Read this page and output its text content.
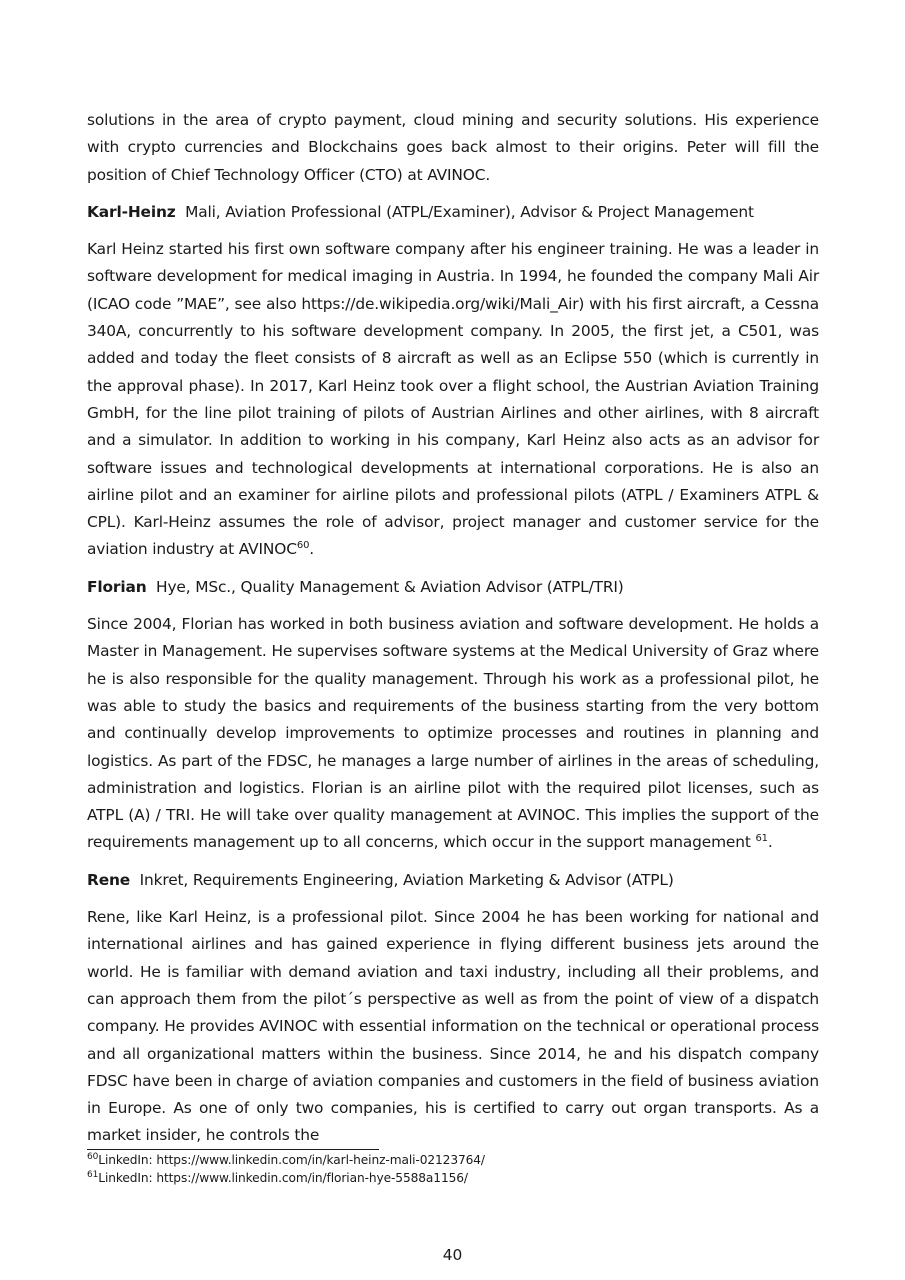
solutions in the area of crypto payment, cloud mining and security solutions. His experience with crypto currencies and Blockchains goes back almost to their origins. Peter will fill the position of Chief Technology Officer (CTO) at AVINOC.

Karl-Heinz Mali, Aviation Professional (ATPL/Examiner), Advisor & Project Management

Karl Heinz started his first own software company after his engineer training. He was a leader in software development for medical imaging in Austria. In 1994, he founded the company Mali Air (ICAO code ”MAE”, see also https://de.wikipedia.org/wiki/Mali_Air) with his first aircraft, a Cessna 340A, concurrently to his software development company. In 2005, the first jet, a C501, was added and today the fleet consists of 8 aircraft as well as an Eclipse 550 (which is currently in the approval phase). In 2017, Karl Heinz took over a flight school, the Austrian Aviation Training GmbH, for the line pilot training of pilots of Austrian Airlines and other airlines, with 8 aircraft and a simulator. In addition to working in his company, Karl Heinz also acts as an advisor for software issues and technological developments at international corporations. He is also an airline pilot and an examiner for airline pilots and professional pilots (ATPL / Examiners ATPL & CPL). Karl-Heinz assumes the role of advisor, project manager and customer service for the aviation industry at AVINOC$^{60}$.

Florian Hye, MSc., Quality Management & Aviation Advisor (ATPL/TRI)

Since 2004, Florian has worked in both business aviation and software development. He holds a Master in Management. He supervises software systems at the Medical University of Graz where he is also responsible for the quality management. Through his work as a professional pilot, he was able to study the basics and requirements of the business starting from the very bottom and continually develop improvements to optimize processes and routines in planning and logistics. As part of the FDSC, he manages a large number of airlines in the areas of scheduling, administration and logistics. Florian is an airline pilot with the required pilot licenses, such as ATPL (A) / TRI. He will take over quality management at AVINOC. This implies the support of the requirements management up to all concerns, which occur in the support management $^{61}$.

Rene Inkret, Requirements Engineering, Aviation Marketing & Advisor (ATPL)

Rene, like Karl Heinz, is a professional pilot. Since 2004 he has been working for national and international airlines and has gained experience in flying different business jets around the world. He is familiar with demand aviation and taxi industry, including all their problems, and can approach them from the pilot´s perspective as well as from the point of view of a dispatch company. He provides AVINOC with essential information on the technical or operational process and all organizational matters within the business. Since 2014, he and his dispatch company FDSC have been in charge of aviation companies and customers in the field of business aviation in Europe. As one of only two companies, his is certified to carry out organ transports. As a market insider, he controls the

$^{60}$LinkedIn: https://www.linkedin.com/in/karl-heinz-mali-02123764/
$^{61}$LinkedIn: https://www.linkedin.com/in/florian-hye-5588a1156/
40
